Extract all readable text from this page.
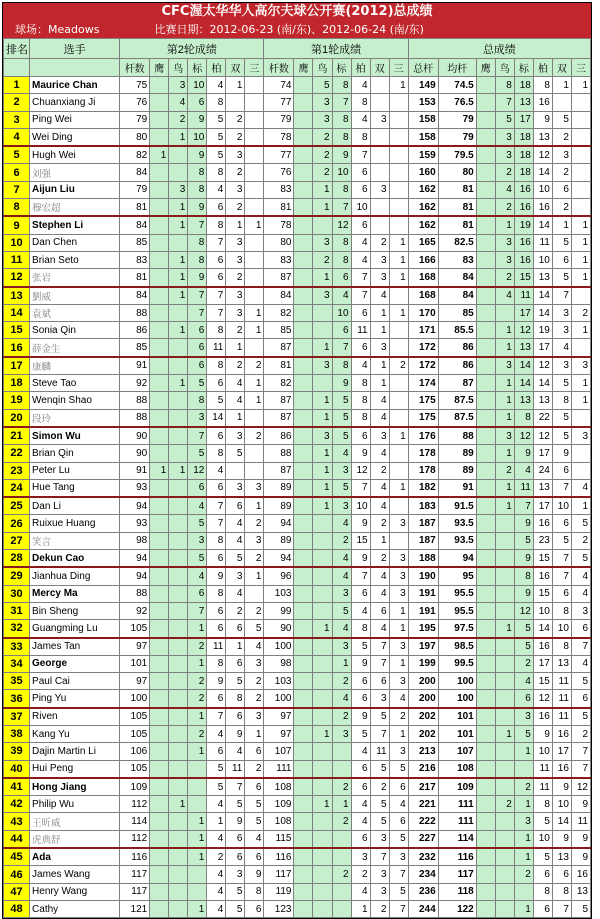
CFC渥太华华人高尔夫球公开赛(2012)总成绩
球场： Meadows	比赛日期： 2012-06-23 (南/东)、2012-06-24 (南/东)
排名	选手	第2轮成绩							第1轮成绩							总成绩							
		杆数	鹰	鸟	标	柏	双	三	杆数	鹰	鸟	标	柏	双	三	总杆	均杆	鹰	鸟	标	柏	双	三
1	Maurice Chan	75		3	10	4	1		74		5	8	4		1	149	74.5		8	18	8	1	1
2	Chuanxiang Ji	76		4	6	8			77		3	7	8			153	76.5		7	13	16		
3	Ping Wei	79		2	9	5	2		79		3	8	4	3		158	79		5	17	9	5	
4	Wei Ding	80		1	10	5	2		78		2	8	8			158	79		3	18	13	2	
5	Hugh Wei	82	1		9	5	3		77		2	9	7			159	79.5		3	18	12	3	
6	刘强	84			8	8	2		76		2	10	6			160	80		2	18	14	2	
7	Aijun Liu	79		3	8	4	3		83		1	8	6	3		162	81		4	16	10	6	
8	穆宏超	81		1	9	6	2		81		1	7	10			162	81		2	16	16	2	
9	Stephen Li	84		1	7	8	1	1	78			12	6			162	81		1	19	14	1	1
10	Dan Chen	85			8	7	3		80		3	8	4	2	1	165	82.5		3	16	11	5	1
11	Brian Seto	83		1	8	6	3		83		2	8	4	3	1	166	83		3	16	10	6	1
12	张岩	81		1	9	6	2		87		1	6	7	3	1	168	84		2	15	13	5	1
13	劉威	84		1	7	7	3		84		3	4	7	4		168	84		4	11	14	7	
14	袁斌	88			7	7	3	1	82			10	6	1	1	170	85			17	14	3	2
15	Sonia Qin	86		1	6	8	2	1	85			6	11	1		171	85.5		1	12	19	3	1
16	薛金生	85			6	11	1		87		1	7	6	3		172	86		1	13	17	4	
17	康麟	91			6	8	2	2	81		3	8	4	1	2	172	86		3	14	12	3	3
18	Steve Tao	92		1	5	6	4	1	82			9	8	1		174	87		1	14	14	5	1
19	Wenqin Shao	88			8	5	4	1	87		1	5	8	4		175	87.5		1	13	13	8	1
20	段玲	88			3	14	1		87		1	5	8	4		175	87.5		1	8	22	5	
21	Simon Wu	90			7	6	3	2	86		3	5	6	3	1	176	88		3	12	12	5	3
22	Brian Qin	90			5	8	5		88		1	4	9	4		178	89		1	9	17	9	
23	Peter Lu	91	1	1	12	4			87		1	3	12	2		178	89		2	4	24	6	
24	Hue Tang	93			6	6	3	3	89		1	5	7	4	1	182	91		1	11	13	7	4
25	Dan Li	94			4	7	6	1	89		1	3	10	4		183	91.5		1	7	17	10	1
26	Ruixue Huang	93			5	7	4	2	94			4	9	2	3	187	93.5			9	16	6	5
27	笑言	98			3	8	4	3	89			2	15	1		187	93.5			5	23	5	2
28	Dekun Cao	94			5	6	5	2	94			4	9	2	3	188	94			9	15	7	5
29	Jianhua Ding	94			4	9	3	1	96			4	7	4	3	190	95			8	16	7	4
30	Mercy Ma	88			6	8	4		103			3	6	4	3	191	95.5			9	15	6	4
31	Bin Sheng	92			7	6	2	2	99			5	4	6	1	191	95.5			12	10	8	3
32	Guangming Lu	105			1	6	6	5	90		1	4	8	4	1	195	97.5		1	5	14	10	6
33	James Tan	97			2	11	1	4	100			3	5	7	3	197	98.5			5	16	8	7
34	George	101			1	8	6	3	98			1	9	7	1	199	99.5			2	17	13	4
35	Paul Cai	97			2	9	5	2	103			2	6	6	3	200	100			4	15	11	5
36	Ping Yu	100			2	6	8	2	100			4	6	3	4	200	100			6	12	11	6
37	Riven	105			1	7	6	3	97			2	9	5	2	202	101			3	16	11	5
38	Kang Yu	105			2	4	9	1	97		1	3	5	7	1	202	101		1	5	9	16	2
39	Dajin Martin Li	106			1	6	4	6	107				4	11	3	213	107			1	10	17	7
40	Hui Peng	105				5	11	2	111				6	5	5	216	108				11	16	7
41	Hong Jiang	109				5	7	6	108			2	6	2	6	217	109			2	11	9	12
42	Philip Wu	112		1		4	5	5	109		1	1	4	5	4	221	111		2	1	8	10	9
43	王昕威	114			1	1	9	5	108			2	4	5	6	222	111			3	5	14	11
44	虎典舒	112			1	4	6	4	115				6	3	5	227	114			1	10	9	9
45	Ada	116			1	2	6	6	116				3	7	3	232	116			1	5	13	9
46	James Wang	117				4	3	9	117			2	2	3	7	234	117			2	6	6	16
47	Henry Wang	117				4	5	8	119				4	3	5	236	118				8	8	13
48	Cathy	121			1	4	5	6	123				1	2	7	244	122			1	6	7	5
